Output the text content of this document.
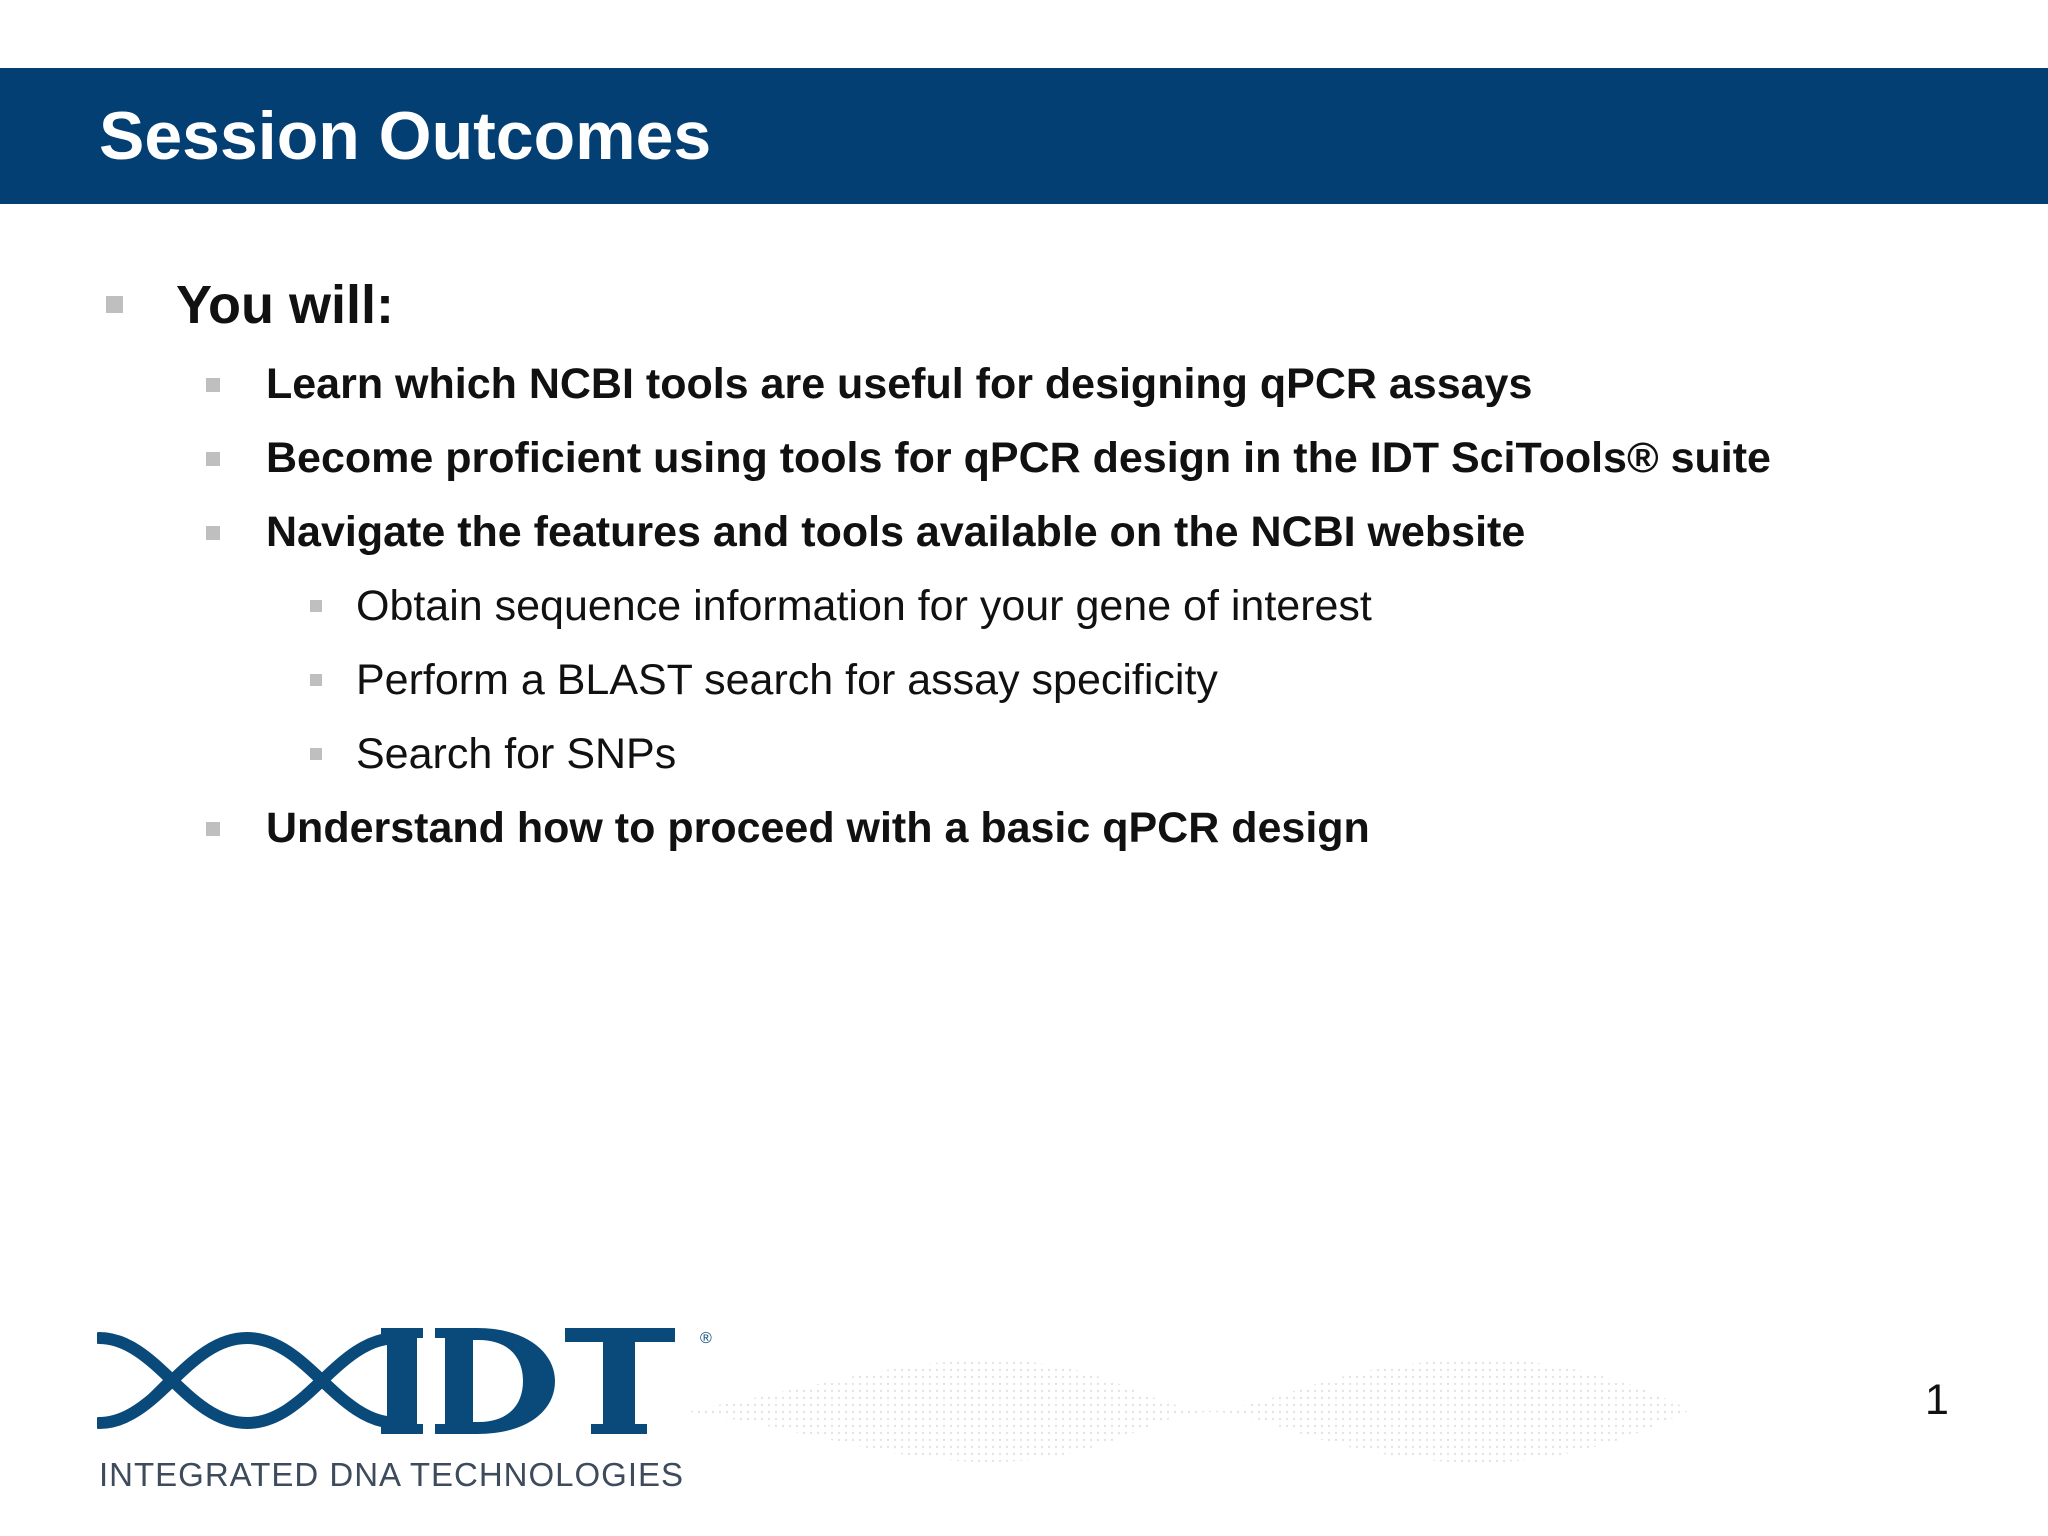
Session Outcomes
You will:
Learn which NCBI tools are useful for designing qPCR assays
Become proficient using tools for qPCR design in the IDT SciTools® suite
Navigate the features and tools available on the NCBI website
Obtain sequence information for your gene of interest
Perform a BLAST search for assay specificity
Search for SNPs
Understand how to proceed with a basic qPCR design
®
INTEGRATED DNA TECHNOLOGIES
1
